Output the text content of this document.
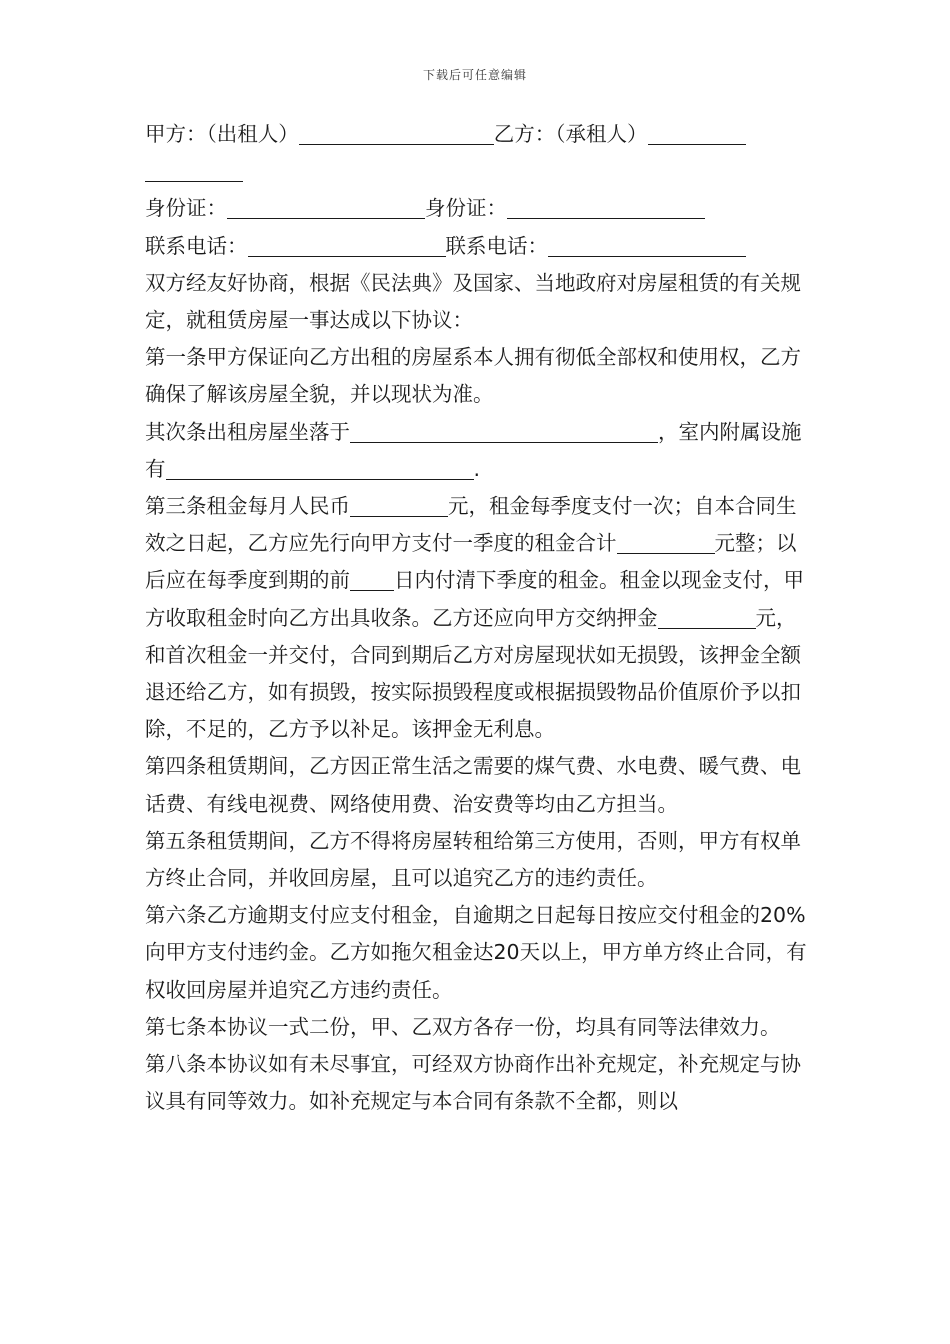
下载后可任意编辑

甲方：（出租人）	乙方：（承租人）

身份证：	身份证：

联系电话：	联系电话：

双方经友好协商，根据《民法典》及国家、当地政府对房屋租赁的有关规定，就租赁房屋一事达成以下协议：

第一条甲方保证向乙方出租的房屋系本人拥有彻低全部权和使用权，乙方确保了解该房屋全貌，并以现状为准。

其次条出租房屋坐落于	，室内附属设施有	.

第三条租金每月人民币	元，租金每季度支付一次；自本合同生效之日起，乙方应先行向甲方支付一季度的租金合计	元整；以后应在每季度到期的前 日内付清下季度的租金。租金以现金支付，甲方收取租金时向乙方出具收条。乙方还应向甲方交纳押金	元，和首次租金一并交付，合同到期后乙方对房屋现状如无损毁，该押金全额退还给乙方，如有损毁，按实际损毁程度或根据损毁物品价值原价予以扣除，不足的，乙方予以补足。该押金无利息。

第四条租赁期间，乙方因正常生活之需要的煤气费、水电费、暖气费、电话费、有线电视费、网络使用费、治安费等均由乙方担当。

第五条租赁期间，乙方不得将房屋转租给第三方使用，否则，甲方有权单方终止合同，并收回房屋，且可以追究乙方的违约责任。

第六条乙方逾期支付应支付租金，自逾期之日起每日按应交付租金的20%向甲方支付违约金。乙方如拖欠租金达20天以上，甲方单方终止合同，有权收回房屋并追究乙方违约责任。

第七条本协议一式二份，甲、乙双方各存一份，均具有同等法律效力。

第八条本协议如有未尽事宜，可经双方协商作出补充规定，补充规定与协议具有同等效力。如补充规定与本合同有条款不全都，则以
